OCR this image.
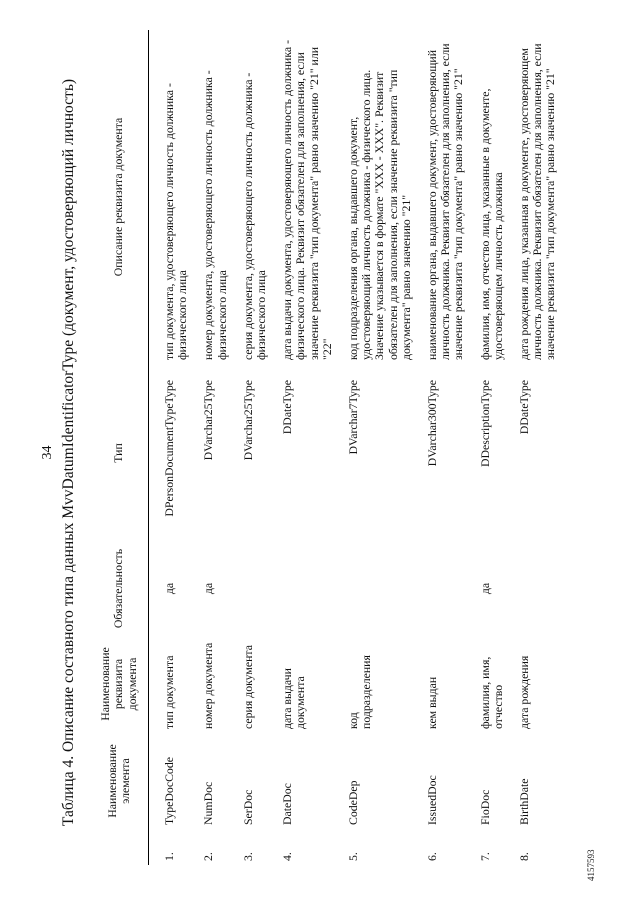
34 Таблица 4. Описание составного типа данных MvvDatumIdentificatorType (документ, удостоверяющий личность)
	Наименование элемента	Наименование реквизита документа	Обязательность	Тип	Описание реквизита документа
1.	TypeDocCode	тип документа	да	DPersonDocumentTypeType	тип документа, удостоверяющего личность должника - физического лица
2.	NumDoc	номер документа	да	DVarchar25Type	номер документа, удостоверяющего личность должника - физического лица
3.	SerDoc	серия документа		DVarchar25Type	серия документа, удостоверяющего личность должника - физического лица
4.	DateDoc	дата выдачи документа		DDateType	дата выдачи документа, удостоверяющего личность должника - физического лица. Реквизит обязателен для заполнения, если значение реквизита "тип документа" равно значению "21" или "22"
5.	CodeDep	код подразделения		DVarchar7Type	код подразделения органа, выдавшего документ, удостоверяющий личность должника - физического лица. Значение указывается в формате "XXX - XXX". Реквизит обязателен для заполнения, если значение реквизита "тип документа" равно значению "21"
6.	IssuedDoc	кем выдан		DVarchar300Type	наименование органа, выдавшего документ, удостоверяющий личность должника. Реквизит обязателен для заполнения, если значение реквизита "тип документа" равно значению "21"
7.	FioDoc	фамилия, имя, отчество	да	DDescriptionType	фамилия, имя, отчество лица, указанные в документе, удостоверяющем личность должника
8.	BirthDate	дата рождения		DDateType	дата рождения лица, указанная в документе, удостоверяющем личность должника. Реквизит обязателен для заполнения, если значение реквизита "тип документа" равно значению "21"
4157593
